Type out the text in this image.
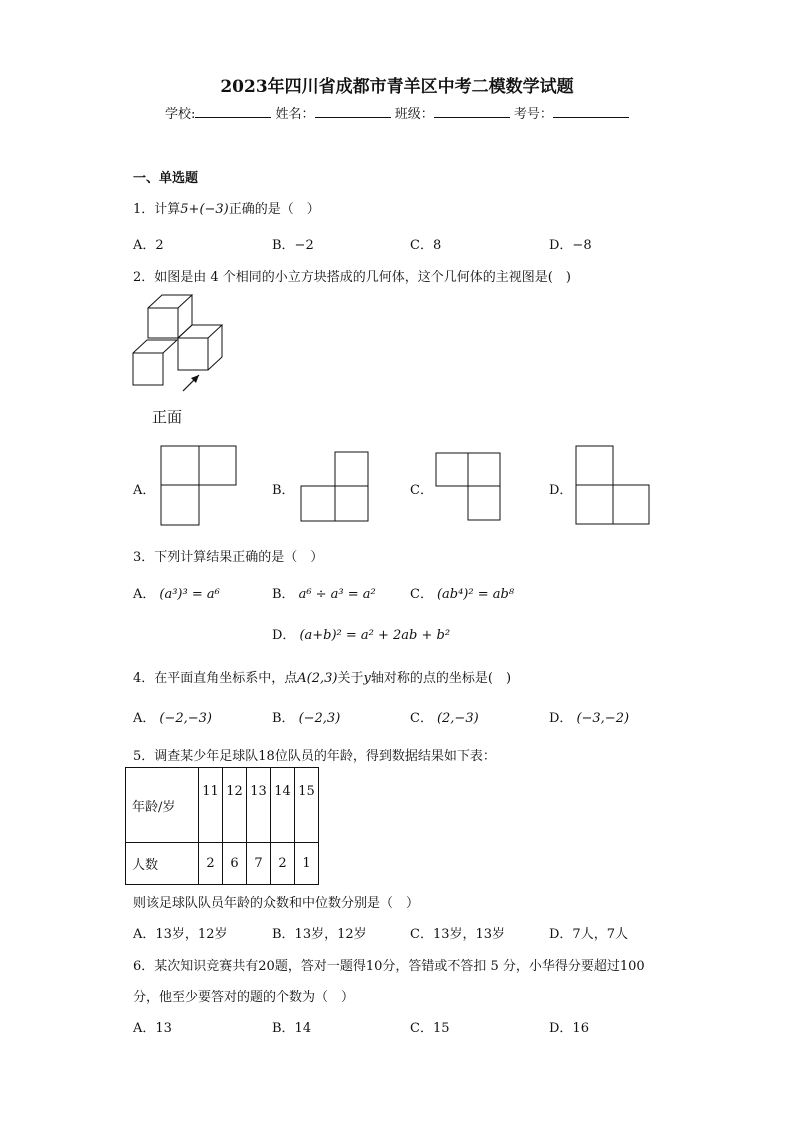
2023年四川省成都市青羊区中考二模数学试题
学校:	姓名：	班级：	考号：
一、单选题
1．计算5+(−3)正确的是（　）
A．2	B．−2	C．8	D．−8
2．如图是由 4 个相同的小立方块搭成的几何体，这个几何体的主视图是(　)
正面
A．	B．	C．	D．
3．下列计算结果正确的是（　）
A． (a³)³ = a⁶	B． a⁶ ÷ a³ = a²	C． (ab⁴)² = ab⁸
D． (a+b)² = a² + 2ab + b²
4．在平面直角坐标系中，点A(2,3)关于y轴对称的点的坐标是(　)
A． (−2,−3)	B． (−2,3)	C． (2,−3)	D． (−3,−2)
5．调查某少年足球队18位队员的年龄，得到数据结果如下表：
年龄/岁	11	12	13	14	15
人数	2	6	7	2	1
则该足球队队员年龄的众数和中位数分别是（　）
A．13岁，12岁	B．13岁，12岁	C．13岁，13岁	D．7人，7人
6．某次知识竞赛共有20题，答对一题得10分，答错或不答扣 5 分，小华得分要超过100
分，他至少要答对的题的个数为（　）
A．13	B．14	C．15	D．16
